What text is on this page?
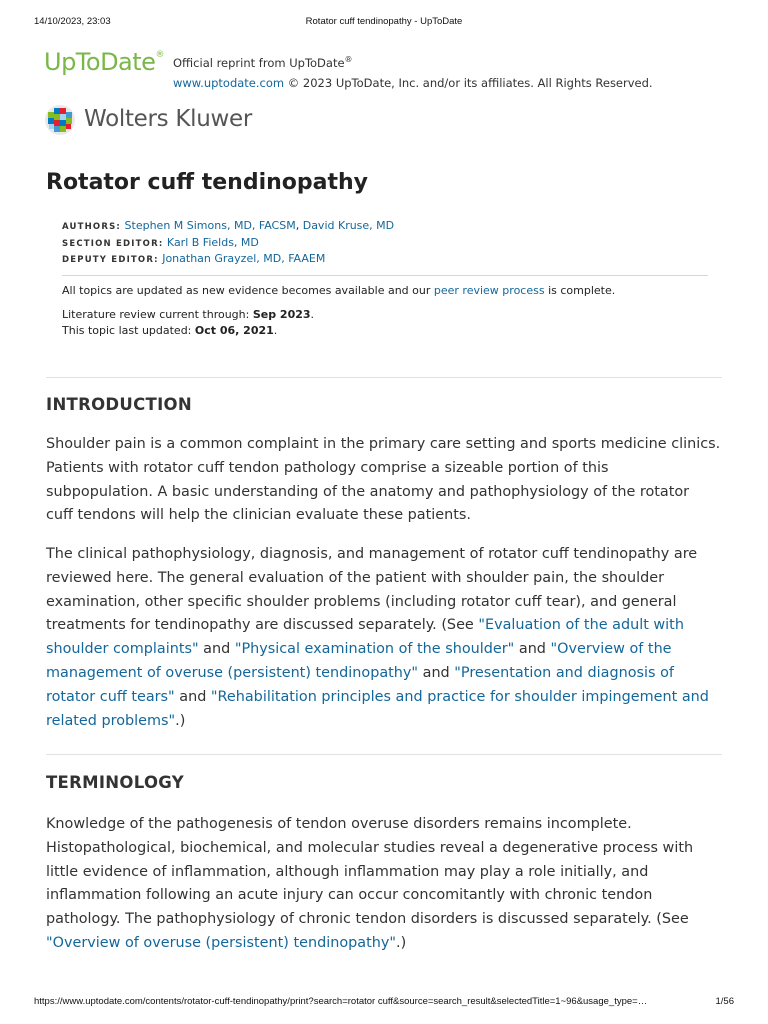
14/10/2023, 23:03	Rotator cuff tendinopathy - UpToDate
UpToDate®
Official reprint from UpToDate®
www.uptodate.com © 2023 UpToDate, Inc. and/or its affiliates. All Rights Reserved.
Wolters Kluwer
Rotator cuff tendinopathy
AUTHORS: Stephen M Simons, MD, FACSM, David Kruse, MD
SECTION EDITOR: Karl B Fields, MD
DEPUTY EDITOR: Jonathan Grayzel, MD, FAAEM
All topics are updated as new evidence becomes available and our peer review process is complete.
Literature review current through: Sep 2023.
This topic last updated: Oct 06, 2021.
INTRODUCTION
Shoulder pain is a common complaint in the primary care setting and sports medicine clinics.
Patients with rotator cuff tendon pathology comprise a sizeable portion of this
subpopulation. A basic understanding of the anatomy and pathophysiology of the rotator
cuff tendons will help the clinician evaluate these patients.
The clinical pathophysiology, diagnosis, and management of rotator cuff tendinopathy are
reviewed here. The general evaluation of the patient with shoulder pain, the shoulder
examination, other specific shoulder problems (including rotator cuff tear), and general
treatments for tendinopathy are discussed separately. (See "Evaluation of the adult with
shoulder complaints" and "Physical examination of the shoulder" and "Overview of the
management of overuse (persistent) tendinopathy" and "Presentation and diagnosis of
rotator cuff tears" and "Rehabilitation principles and practice for shoulder impingement and
related problems".)
TERMINOLOGY
Knowledge of the pathogenesis of tendon overuse disorders remains incomplete.
Histopathological, biochemical, and molecular studies reveal a degenerative process with
little evidence of inflammation, although inflammation may play a role initially, and
inflammation following an acute injury can occur concomitantly with chronic tendon
pathology. The pathophysiology of chronic tendon disorders is discussed separately. (See
"Overview of overuse (persistent) tendinopathy".)
https://www.uptodate.com/contents/rotator-cuff-tendinopathy/print?search=rotator cuff&source=search_result&selectedTitle=1~96&usage_type=…	1/56
